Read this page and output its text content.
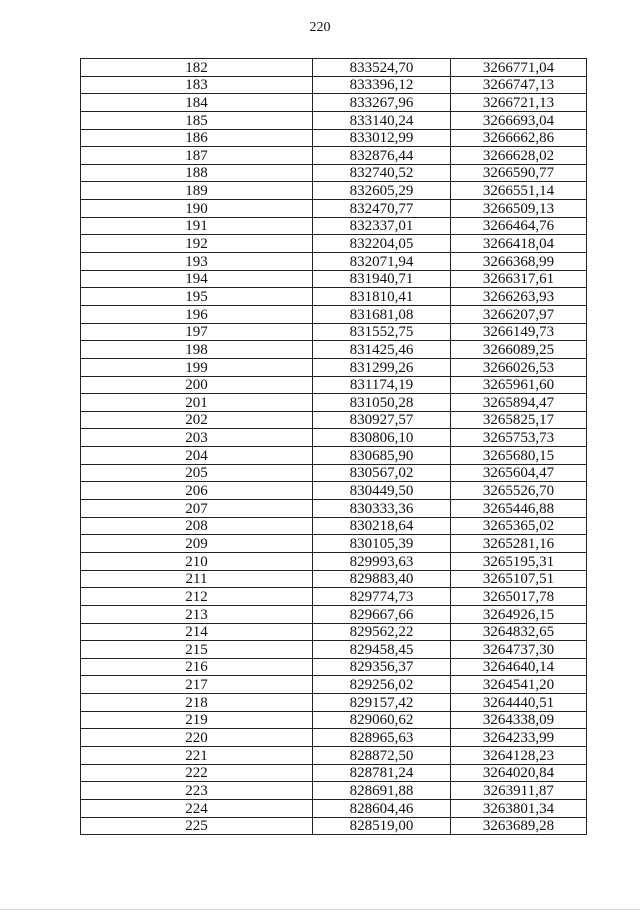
220
182	833524,70	3266771,04
183	833396,12	3266747,13
184	833267,96	3266721,13
185	833140,24	3266693,04
186	833012,99	3266662,86
187	832876,44	3266628,02
188	832740,52	3266590,77
189	832605,29	3266551,14
190	832470,77	3266509,13
191	832337,01	3266464,76
192	832204,05	3266418,04
193	832071,94	3266368,99
194	831940,71	3266317,61
195	831810,41	3266263,93
196	831681,08	3266207,97
197	831552,75	3266149,73
198	831425,46	3266089,25
199	831299,26	3266026,53
200	831174,19	3265961,60
201	831050,28	3265894,47
202	830927,57	3265825,17
203	830806,10	3265753,73
204	830685,90	3265680,15
205	830567,02	3265604,47
206	830449,50	3265526,70
207	830333,36	3265446,88
208	830218,64	3265365,02
209	830105,39	3265281,16
210	829993,63	3265195,31
211	829883,40	3265107,51
212	829774,73	3265017,78
213	829667,66	3264926,15
214	829562,22	3264832,65
215	829458,45	3264737,30
216	829356,37	3264640,14
217	829256,02	3264541,20
218	829157,42	3264440,51
219	829060,62	3264338,09
220	828965,63	3264233,99
221	828872,50	3264128,23
222	828781,24	3264020,84
223	828691,88	3263911,87
224	828604,46	3263801,34
225	828519,00	3263689,28
